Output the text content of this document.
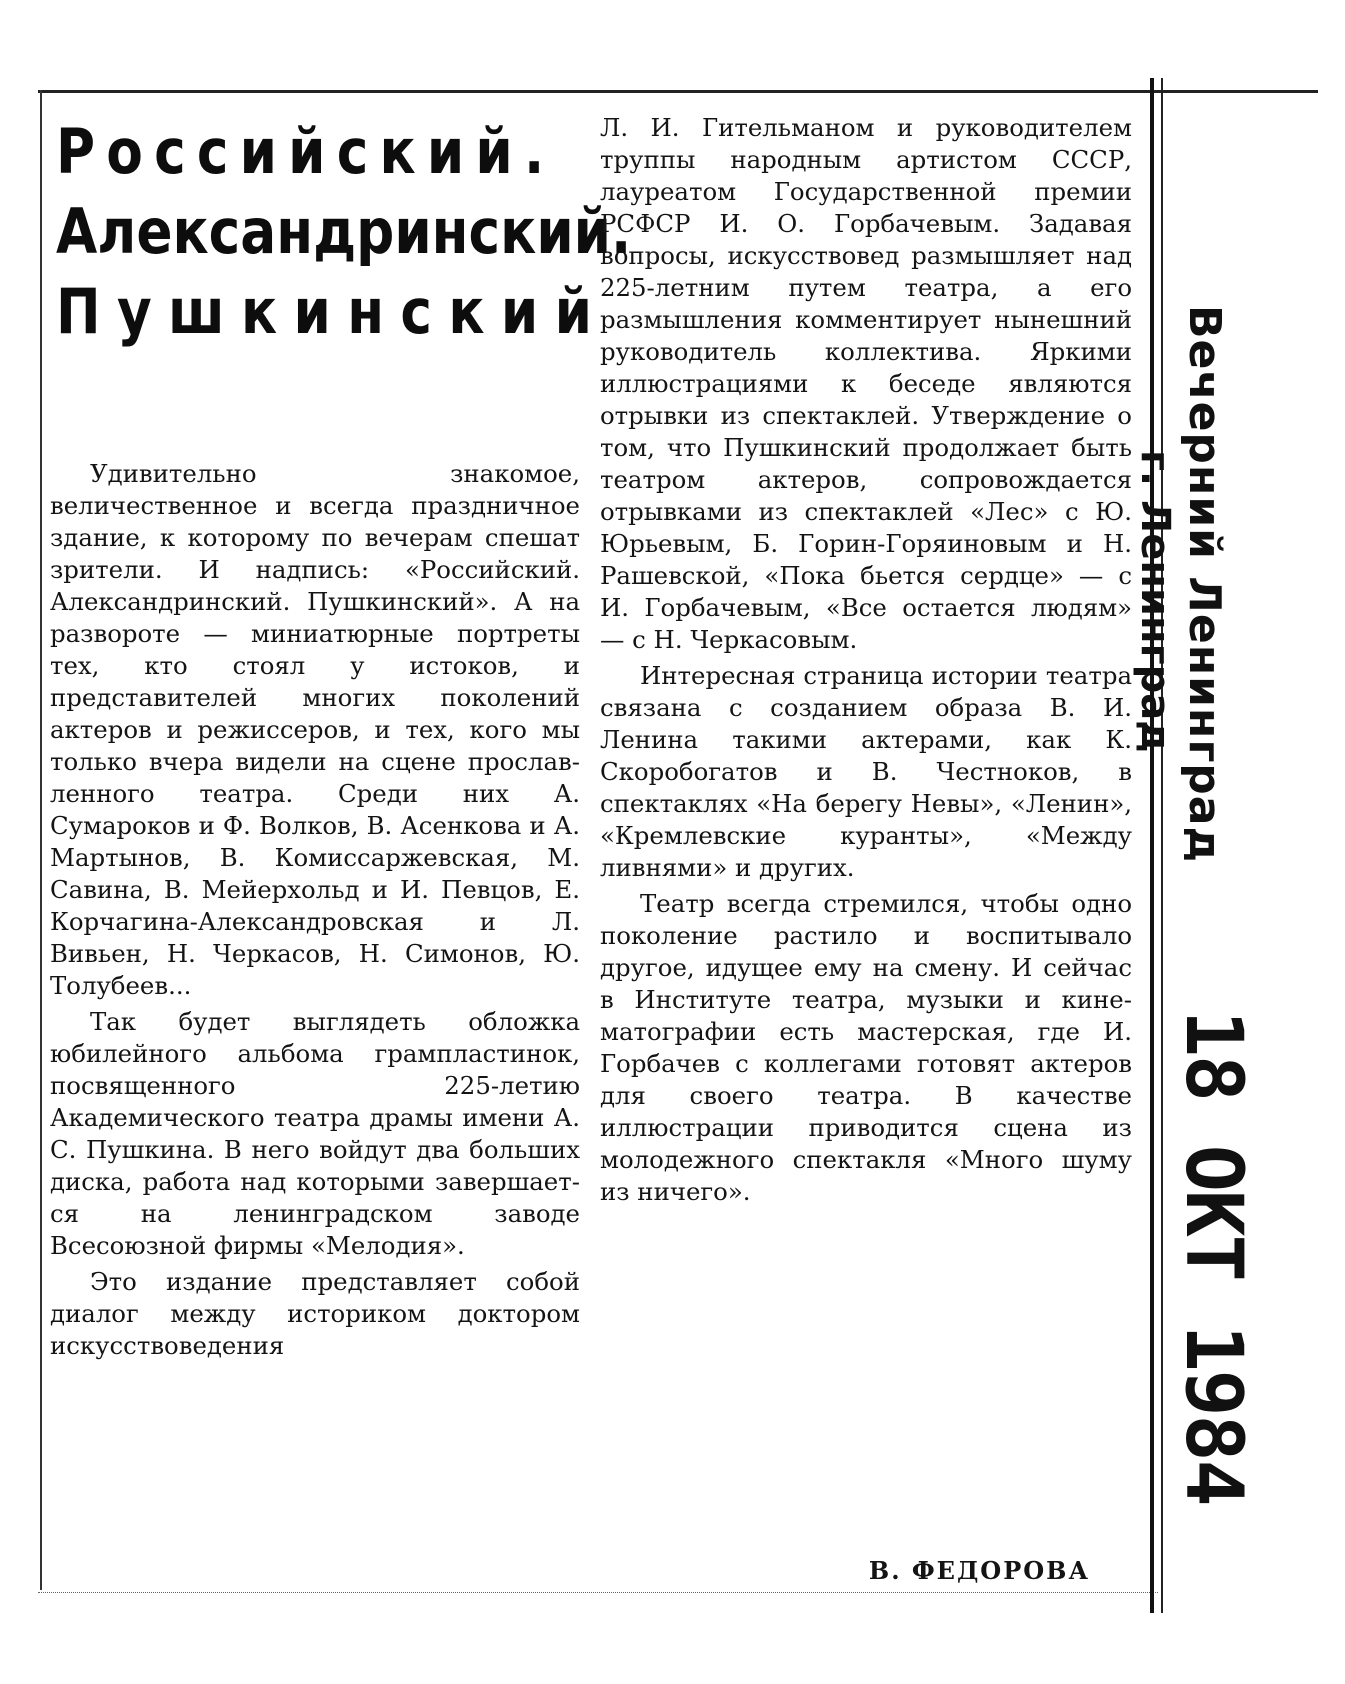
Российский.
Александринский.
Пушкинский

Удивительно знакомое, величественное и всегда праздничное здание, к которому по вечерам спешат зрители. И надпись: «Российский. Александринский. Пушкинский». А на развороте — миниатюрные портреты тех, кто стоял у истоков, и представителей многих поколений актеров и режиссеров, и тех, кого мы только вчера видели на сцене прославленного театра. Среди них А. Сумароков и Ф. Волков, В. Асенкова и А. Мартынов, В. Комиссаржевская, М. Савина, В. Мейерхольд и И. Певцов, Е. Корчагина-Александровская и Л. Вивьен, Н. Черкасов, Н. Симонов, Ю. Толубеев...

Так будет выглядеть обложка юбилейного альбома грампластинок, посвященного 225-летию Академического театра драмы имени А. С. Пушкина. В него войдут два больших диска, работа над которыми завершается на ленинградском заводе Всесоюзной фирмы «Мелодия».

Это издание представляет собой диалог между историком доктором искусствоведения

Л. И. Гительманом и руководителем труппы народным артистом СССР, лауреатом Государственной премии РСФСР И. О. Горбачевым. Задавая вопросы, искусствовед размышляет над 225-летним путем театра, а его размышления комментирует нынешний руководитель коллектива. Яркими иллюстрациями к беседе являются отрывки из спектаклей. Утверждение о том, что Пушкинский продолжает быть театром актеров, сопровождается отрывками из спектаклей «Лес» с Ю. Юрьевым, Б. Горин-Горяиновым и Н. Рашевской, «Пока бьется сердце» — с И. Горбачевым, «Все остается людям» — с Н. Черкасовым.

Интересная страница истории театра связана с созданием образа В. И. Ленина такими актерами, как К. Скоробогатов и В. Честноков, в спектаклях «На берегу Невы», «Ленин», «Кремлевские куранты», «Между ливнями» и других.

Театр всегда стремился, чтобы одно поколение растило и воспитывало другое, идущее ему на смену. И сейчас в Институте театра, музыки и кинематографии есть мастерская, где И. Горбачев с коллегами готовят актеров для своего театра. В качестве иллюстрации приводится сцена из молодежного спектакля «Много шуму из ничего».

В. ФЕДОРОВА
Вечерний Ленинград
г. Ленинград
18 ОКТ 1984
